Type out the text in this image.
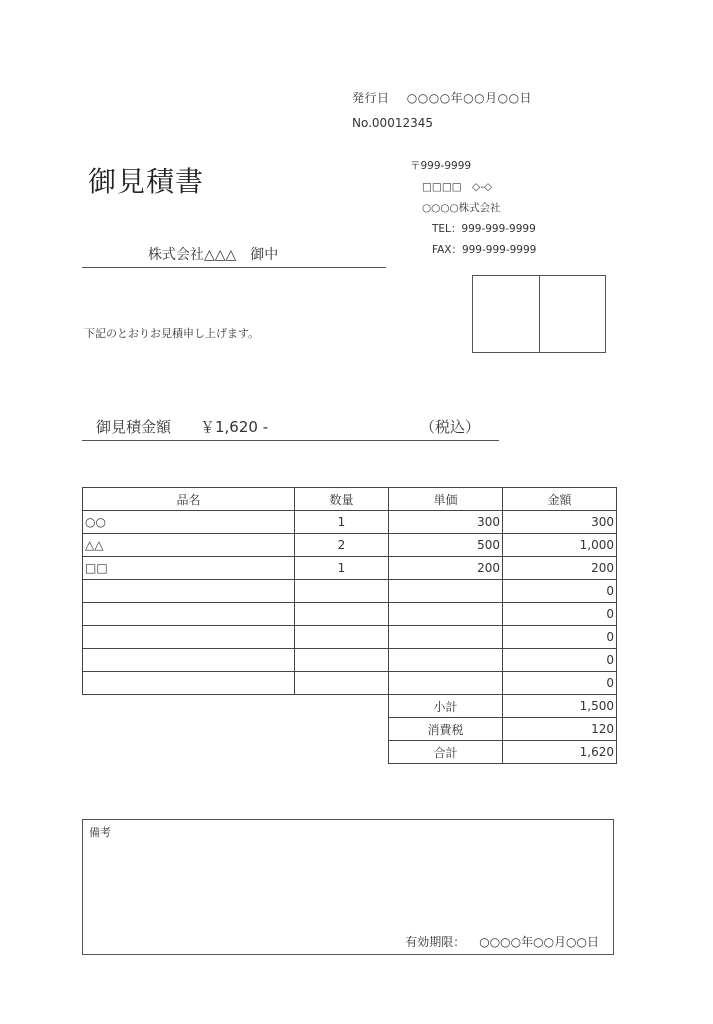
発行日 ○○○○年○○月○○日
No.00012345
御見積書	〒999-9999
□□□□　◇-◇
○○○○株式会社
TEL：999-999-9999
FAX：999-999-9999
株式会社△△△　御中
下記のとおりお見積申し上げます。
御見積金額 ￥1,620 -	（税込）
品名	数量	単価	金額
○○	1	300	300
△△	2	500	1,000
□□	1	200	200
			0
			0
			0
			0
			0
		小計	1,500
		消費税	120
		合計	1,620
備考
有効期限： ○○○○年○○月○○日
